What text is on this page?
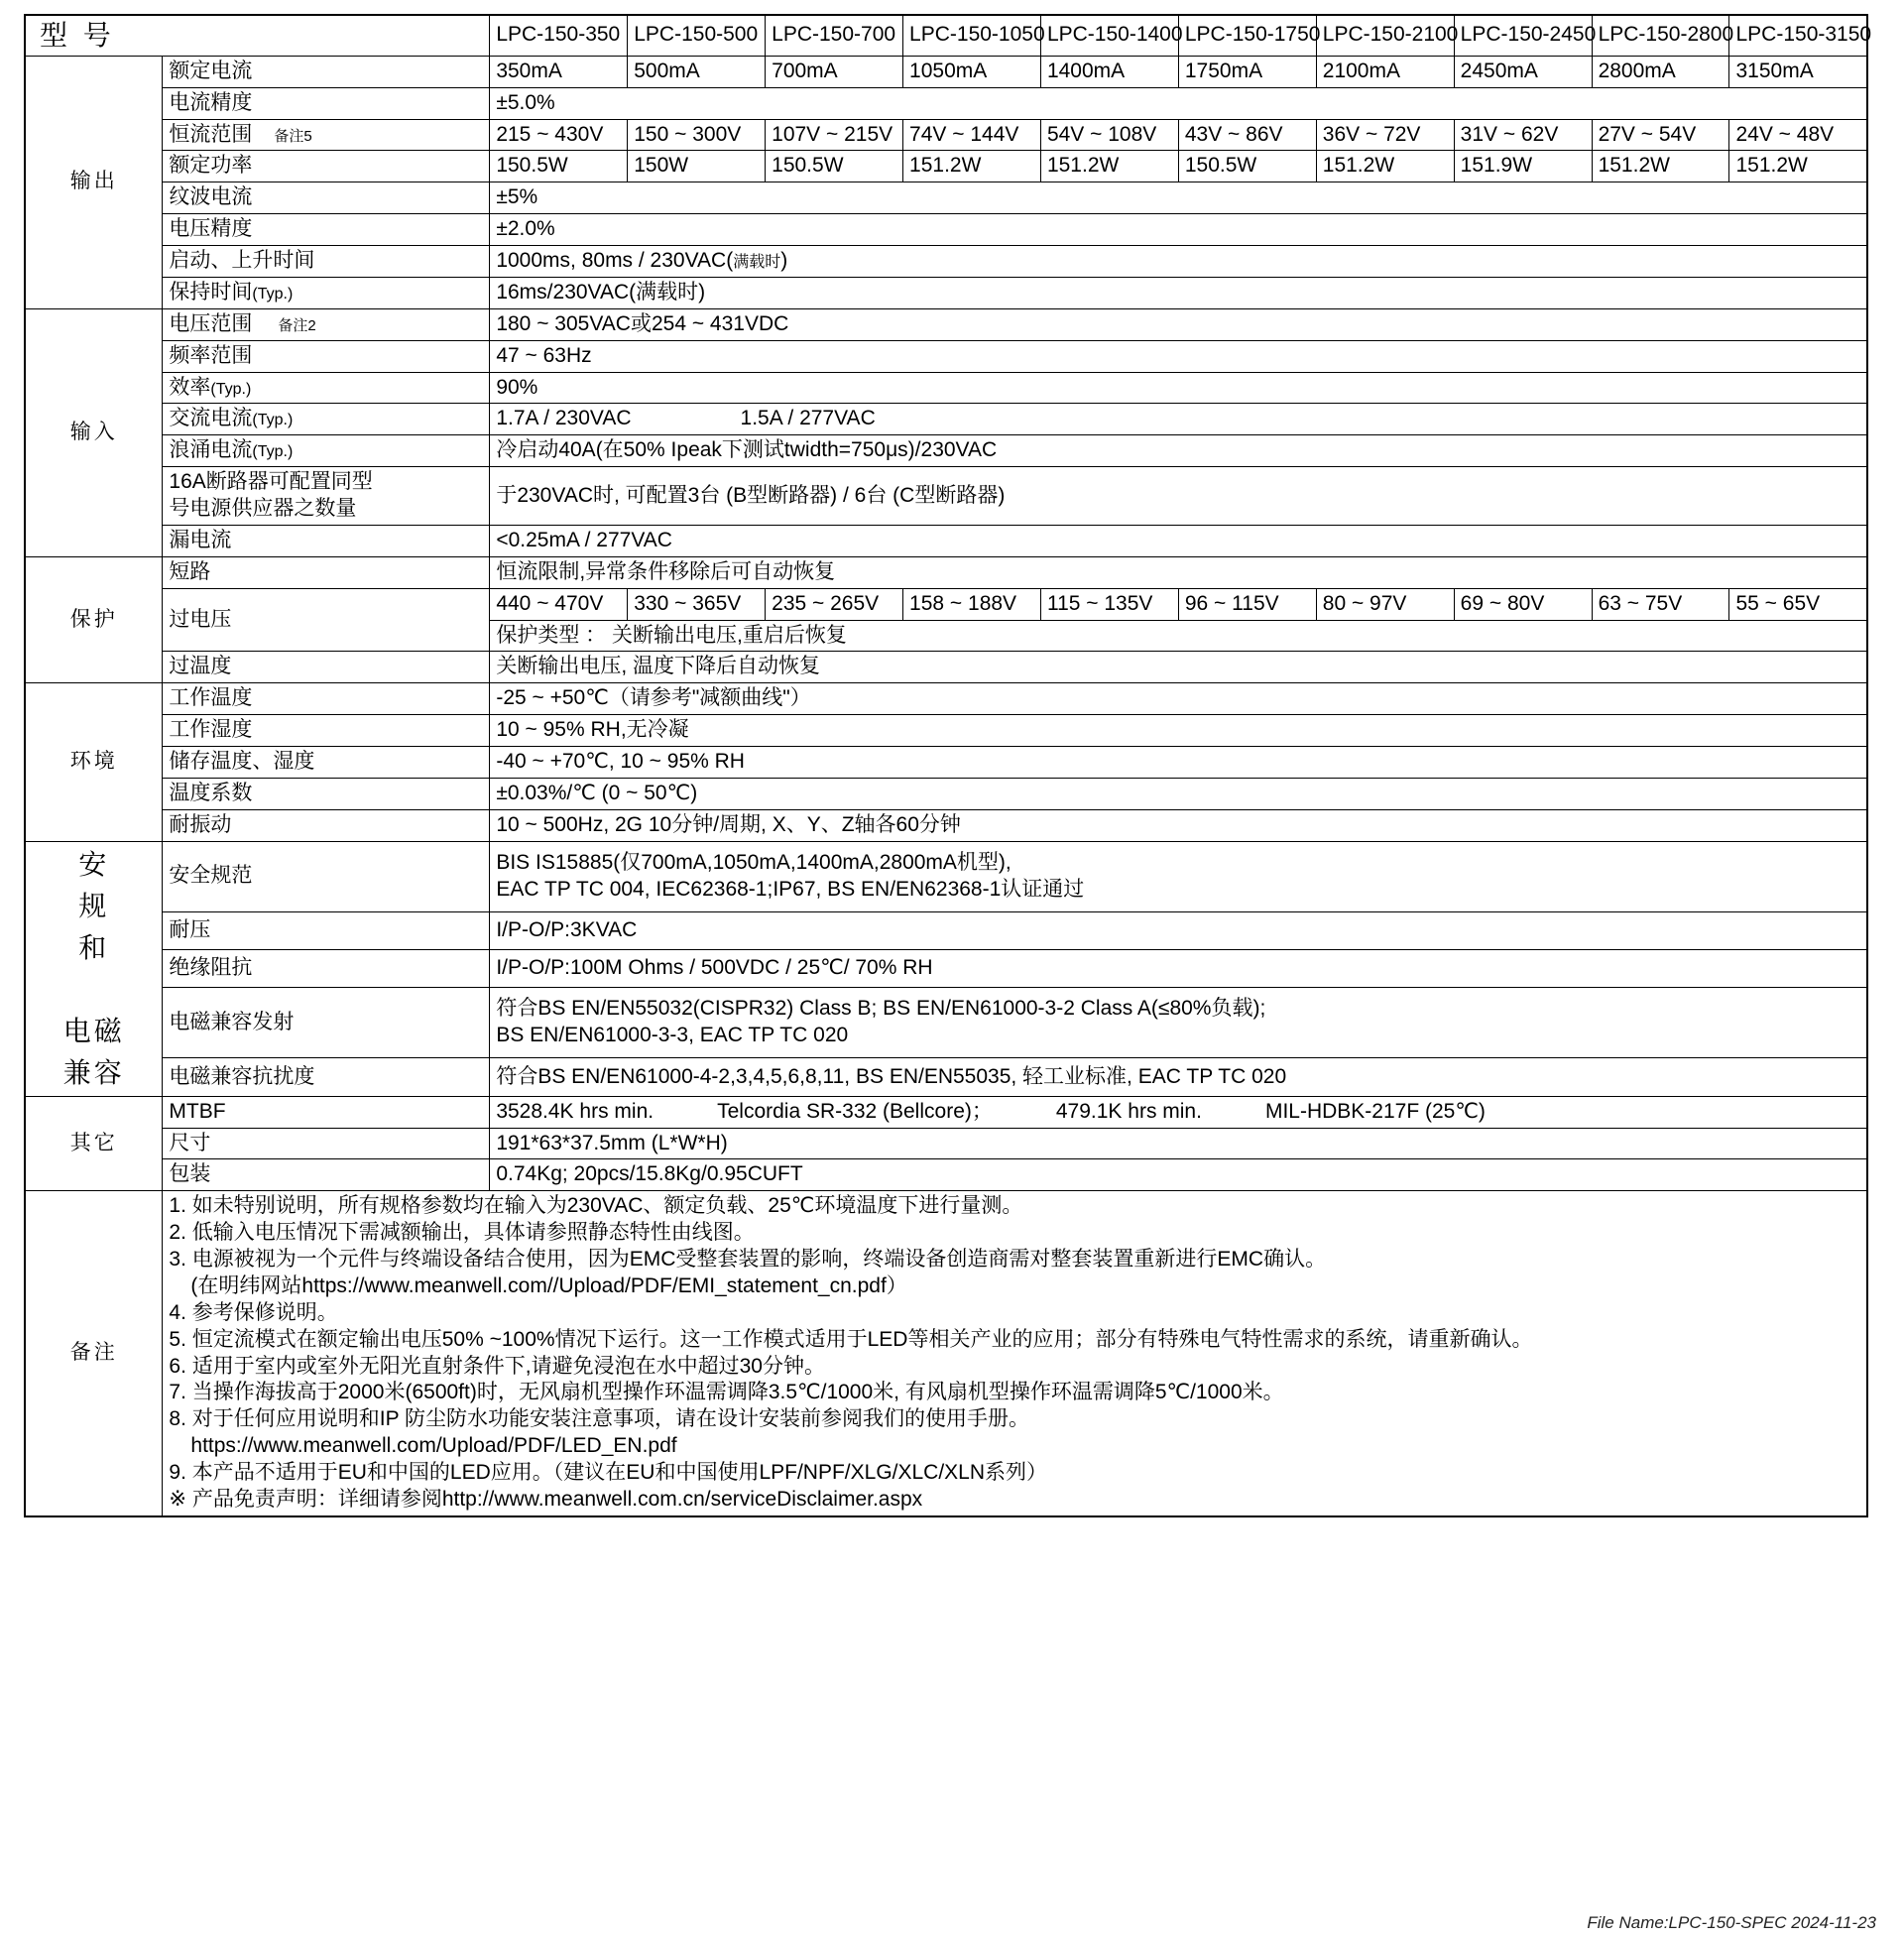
型 号		LPC-150-350	LPC-150-500	LPC-150-700	LPC-150-1050	LPC-150-1400	LPC-150-1750	LPC-150-2100	LPC-150-2450	LPC-150-2800	LPC-150-3150
输出	额定电流	350mA	500mA	700mA	1050mA	1400mA	1750mA	2100mA	2450mA	2800mA	3150mA
	电流精度	±5.0%									
	恒流范围 备注5	215 ~ 430V	150 ~ 300V	107V ~ 215V	74V ~ 144V	54V ~ 108V	43V ~ 86V	36V ~ 72V	31V ~ 62V	27V ~ 54V	24V ~ 48V
	额定功率	150.5W	150W	150.5W	151.2W	151.2W	150.5W	151.2W	151.9W	151.2W	151.2W
	纹波电流	±5%									
	电压精度	±2.0%									
	启动、上升时间	1000ms, 80ms / 230VAC(满载时)									
	保持时间(Typ.)	16ms/230VAC(满载时)									
输入	电压范围 备注2	180 ~ 305VAC或254 ~ 431VDC									
	频率范围	47 ~ 63Hz									
	效率(Typ.)	90%									
	交流电流(Typ.)	1.7A / 230VAC 1.5A / 277VAC									
	浪涌电流(Typ.)	冷启动40A(在50% Ipeak下测试twidth=750μs)/230VAC									
	16A断路器可配置同型
号电源供应器之数量	于230VAC时, 可配置3台 (B型断路器) / 6台 (C型断路器)									
	漏电流	<0.25mA / 277VAC									
保护	短路	恒流限制,异常条件移除后可自动恢复									
	过电压	440 ~ 470V	330 ~ 365V	235 ~ 265V	158 ~ 188V	115 ~ 135V	96 ~ 115V	80 ~ 97V	69 ~ 80V	63 ~ 75V	55 ~ 65V
		保护类型 ： 关断输出电压,重启后恢复									
	过温度	关断输出电压, 温度下降后自动恢复									
环境	工作温度	-25 ~ +50℃（请参考"减额曲线"）									
	工作湿度	10 ~ 95% RH,无冷凝									
	储存温度、湿度	-40 ~ +70℃, 10 ~ 95% RH									
	温度系数	±0.03%/℃ (0 ~ 50℃)									
	耐振动	10 ~ 500Hz, 2G 10分钟/周期, X、Y、Z轴各60分钟									
安
规
和

电磁
兼容	安全规范	BIS IS15885(仅700mA,1050mA,1400mA,2800mA机型),
EAC TP TC 004, IEC62368-1;IP67, BS EN/EN62368-1认证通过									
	耐压	I/P-O/P:3KVAC									
	绝缘阻抗	I/P-O/P:100M Ohms / 500VDC / 25℃/ 70% RH									
	电磁兼容发射	符合BS EN/EN55032(CISPR32) Class B; BS EN/EN61000-3-2 Class A(≤80%负载);
BS EN/EN61000-3-3, EAC TP TC 020									
	电磁兼容抗扰度	符合BS EN/EN61000-4-2,3,4,5,6,8,11, BS EN/EN55035, 轻工业标准, EAC TP TC 020									
其它	MTBF	3528.4K hrs min. Telcordia SR-332 (Bellcore)； 479.1K hrs min. MIL-HDBK-217F (25℃)									
	尺寸	191*63*37.5mm (L*W*H)									
	包装	0.74Kg; 20pcs/15.8Kg/0.95CUFT									
备注	
1. 如未特别说明，所有规格参数均在输入为230VAC、额定负载、25℃环境温度下进行量测。
2. 低输入电压情况下需减额输出，具体请参照静态特性由线图。
3. 电源被视为一个元件与终端设备结合使用，因为EMC受整套装置的影响，终端设备创造商需对整套装置重新进行EMC确认。
(在明纬网站https://www.meanwell.com//Upload/PDF/EMI_statement_cn.pdf）
4. 参考保修说明。
5. 恒定流模式在额定输出电压50% ~100%情况下运行。这一工作模式适用于LED等相关产业的应用；部分有特殊电气特性需求的系统，请重新确认。
6. 适用于室内或室外无阳光直射条件下,请避免浸泡在水中超过30分钟。
7. 当操作海拔高于2000米(6500ft)时，无风扇机型操作环温需调降3.5℃/1000米, 有风扇机型操作环温需调降5℃/1000米。
8. 对于任何应用说明和IP 防尘防水功能安装注意事项，请在设计安装前参阅我们的使用手册。
https://www.meanwell.com/Upload/PDF/LED_EN.pdf
9. 本产品不适用于EU和中国的LED应用。（建议在EU和中国使用LPF/NPF/XLG/XLC/XLN系列）
※ 产品免责声明：详细请参阅http://www.meanwell.com.cn/serviceDisclaimer.aspx
File Name:LPC-150-SPEC 2024-11-23
